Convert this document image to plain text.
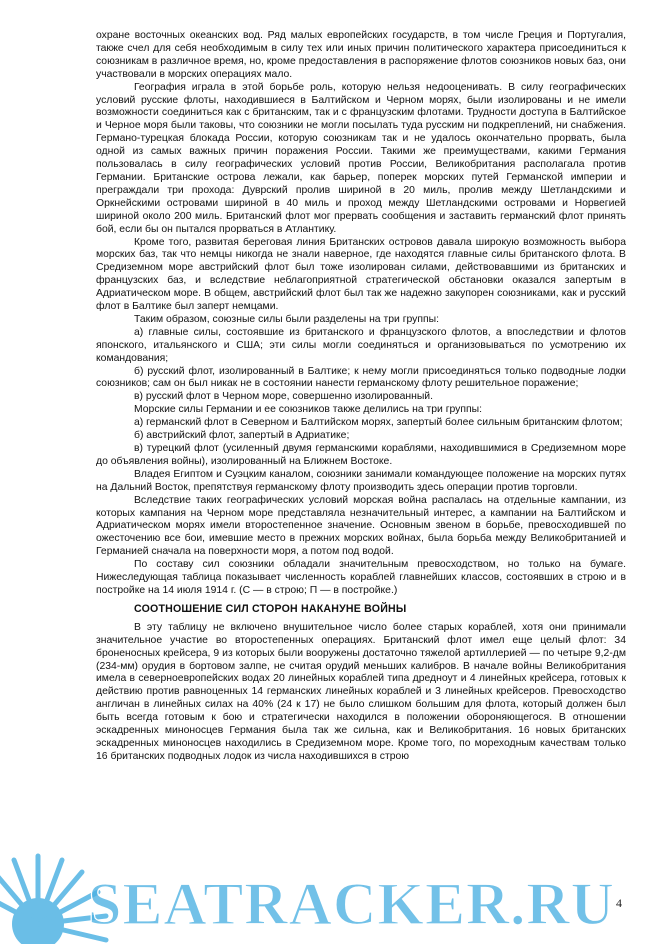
охране восточных океанских вод. Ряд малых европейских государств, в том числе Греция и Португалия, также счел для себя необходимым в силу тех или иных причин политического характера присоединиться к союзникам в различное время, но, кроме предоставления в распоряжение флотов союзников новых баз, они участвовали в морских операциях мало.

География играла в этой борьбе роль, которую нельзя недооценивать. В силу географических условий русские флоты, находившиеся в Балтийском и Черном морях, были изолированы и не имели возможности соединиться как с британским, так и с французским флотами. Трудности доступа в Балтийское и Черное моря были таковы, что союзники не могли посылать туда русским ни подкреплений, ни снабжения. Германо-турецкая блокада России, которую союзникам так и не удалось окончательно прорвать, была одной из самых важных причин поражения России. Такими же преимуществами, какими Германия пользовалась в силу географических условий против России, Великобритания располагала против Германии. Британские острова лежали, как барьер, поперек морских путей Германской империи и преграждали три прохода: Дуврский пролив шириной в 20 миль, пролив между Шетландскими и Оркнейскими островами шириной в 40 миль и проход между Шетландскими островами и Норвегией шириной около 200 миль. Британский флот мог прервать сообщения и заставить германский флот принять бой, если бы он пытался прорваться в Атлантику.

Кроме того, развитая береговая линия Британских островов давала широкую возможность выбора морских баз, так что немцы никогда не знали наверное, где находятся главные силы британского флота. В Средиземном море австрийский флот был тоже изолирован силами, действовавшими из британских и французских баз, и вследствие неблагоприятной стратегической обстановки оказался запертым в Адриатическом море. В общем, австрийский флот был так же надежно закупорен союзниками, как и русский флот в Балтике был заперт немцами.

Таким образом, союзные силы были разделены на три группы:

а) главные силы, состоявшие из британского и французского флотов, а впоследствии и флотов японского, итальянского и США; эти силы могли соединяться и организовываться по усмотрению их командования;

б) русский флот, изолированный в Балтике; к нему могли присоединяться только подводные лодки союзников; сам он был никак не в состоянии нанести германскому флоту решительное поражение;

в) русский флот в Черном море, совершенно изолированный.

Морские силы Германии и ее союзников также делились на три группы:

а) германский флот в Северном и Балтийском морях, запертый более сильным британским флотом;

б) австрийский флот, запертый в Адриатике;

в) турецкий флот (усиленный двумя германскими кораблями, находившимися в Средиземном море до объявления войны), изолированный на Ближнем Востоке.

Владея Египтом и Суэцким каналом, союзники занимали командующее положение на морских путях на Дальний Восток, препятствуя германскому флоту производить здесь операции против торговли.

Вследствие таких географических условий морская война распалась на отдельные кампании, из которых кампания на Черном море представляла незначительный интерес, а кампании на Балтийском и Адриатическом морях имели второстепенное значение. Основным звеном в борьбе, превосходившей по ожесточению все бои, имевшие место в прежних морских войнах, была борьба между Великобританией и Германией сначала на поверхности моря, а потом под водой.

По составу сил союзники обладали значительным превосходством, но только на бумаге. Нижеследующая таблица показывает численность кораблей главнейших классов, состоявших в строю и в постройке на 14 июля 1914 г. (С — в строю; П — в постройке.)

СООТНОШЕНИЕ СИЛ СТОРОН НАКАНУНЕ ВОЙНЫ

В эту таблицу не включено внушительное число более старых кораблей, хотя они принимали значительное участие во второстепенных операциях. Британский флот имел еще целый флот: 34 броненосных крейсера, 9 из которых были вооружены достаточно тяжелой артиллерией — по четыре 9,2-дм (234-мм) орудия в бортовом залпе, не считая орудий меньших калибров. В начале войны Великобритания имела в северноевропейских водах 20 линейных кораблей типа дредноут и 4 линейных крейсера, готовых к действию против равноценных 14 германских линейных кораблей и 3 линейных крейсеров. Превосходство англичан в линейных силах на 40% (24 к 17) не было слишком большим для флота, который должен был быть всегда готовым к бою и стратегически находился в положении обороняющегося. В отношении эскадренных миноносцев Германия была так же сильна, как и Великобритания. 16 новых британских эскадренных миноносцев находились в Средиземном море. Кроме того, по мореходным качествам только 16 британских подводных лодок из числа находившихся в строю

SEATRACKER.RU 4
